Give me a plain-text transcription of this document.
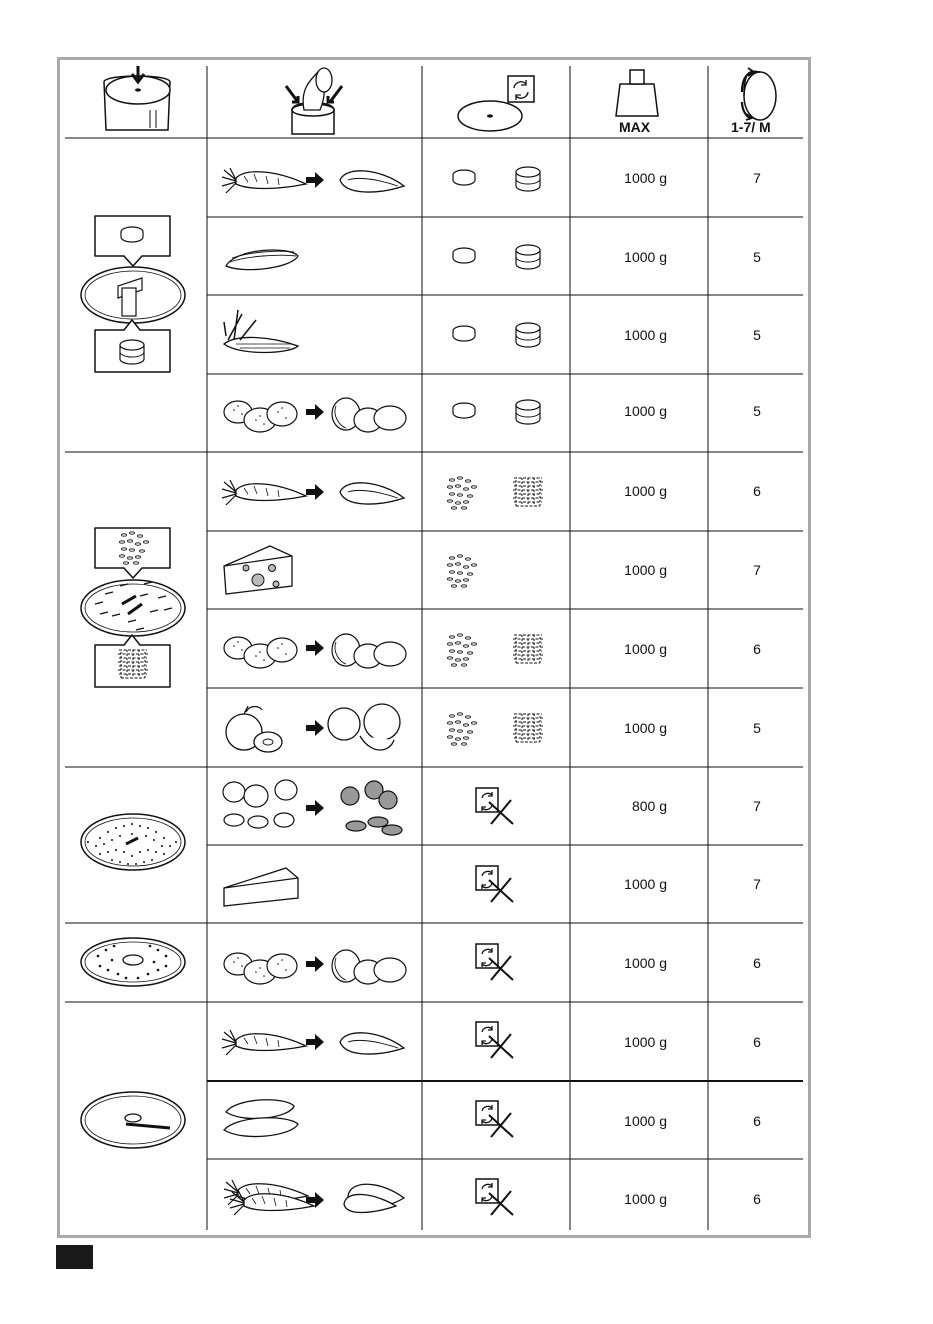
MAX	1-7/ M
1000 g
1000 g
1000 g
1000 g
1000 g
1000 g
1000 g
1000 g
800 g
1000 g
1000 g
1000 g
1000 g
1000 g
7
5
5
5
6
7
6
5
7
7
6
6
6
6
